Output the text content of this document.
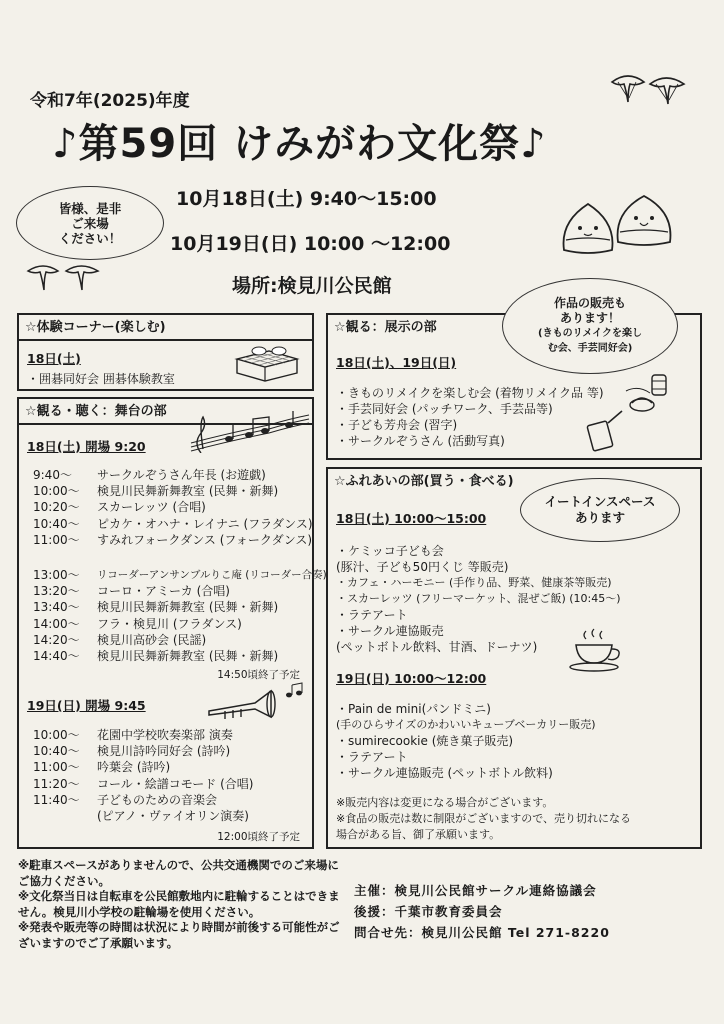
令和7年(2025)年度
♪第59回 けみがわ文化祭♪
皆様、是非
ご来場
ください！
10月18日(土) 9:40～15:00
10月19日(日) 10:00 ～12:00
場所:検見川公民館
☆体験コーナー(楽しむ)
18日(土)
・囲碁同好会 囲碁体験教室
☆観る・聴く：舞台の部
18日(土) 開場 9:20
9:40～	サークルぞうさん年長 (お遊戯)
10:00～	検見川民舞新舞教室 (民舞・新舞)
10:20～	スカーレッツ (合唱)
10:40～	ピカケ・オハナ・レイナニ (フラダンス)
11:00～	すみれフォークダンス (フォークダンス)
13:00～	リコーダーアンサンブルりこ庵 (リコーダー合奏)
13:20～	コーロ・アミーカ (合唱)
13:40～	検見川民舞新舞教室 (民舞・新舞)
14:00～	フラ・検見川 (フラダンス)
14:20～	検見川高砂会 (民謡)
14:40～	検見川民舞新舞教室 (民舞・新舞)
14:50頃終了予定
19日(日) 開場 9:45
10:00～	花園中学校吹奏楽部 演奏
10:40～	検見川詩吟同好会 (詩吟)
11:00～	吟葉会 (詩吟)
11:20～	コール・絵譜コモード (合唱)
11:40～	子どものための音楽会
(ピアノ・ヴァイオリン演奏)
12:00頃終了予定
☆観る：展示の部
18日(土)、19日(日)
・きものリメイクを楽しむ会 (着物リメイク品 等)
・手芸同好会 (パッチワーク、手芸品等)
・子ども芳舟会 (習字)
・サークルぞうさん (活動写真)
作品の販売も
あります！
(きものリメイクを楽し
む会、手芸同好会)
☆ふれあいの部(買う・食べる)
18日(土) 10:00～15:00
・ケミッコ子ども会
(豚汁、子ども50円くじ 等販売)
・カフェ・ハーモニー (手作り品、野菜、健康茶等販売)
・スカーレッツ (フリーマーケット、混ぜご飯) (10:45～)
・ラテアート
・サークル連協販売
(ペットボトル飲料、甘酒、ドーナツ)
19日(日) 10:00～12:00
・Pain de mini(パンドミニ)
(手のひらサイズのかわいいキューブベーカリー販売)
・sumirecookie (焼き菓子販売)
・ラテアート
・サークル連協販売 (ペットボトル飲料)
※販売内容は変更になる場合がございます。
※食品の販売は数に制限がございますので、売り切れになる
場合がある旨、御了承願います。
イートインスペース
あります
※駐車スペースがありませんので、公共交通機関でのご来場にご協力ください。
※文化祭当日は自転車を公民館敷地内に駐輪することはできません。検見川小学校の駐輪場を使用ください。
※発表や販売等の時間は状況により時間が前後する可能性がございますのでご了承願います。
主催：検見川公民館サークル連絡協議会
後援：千葉市教育委員会
問合せ先：検見川公民館 Tel 271-8220
